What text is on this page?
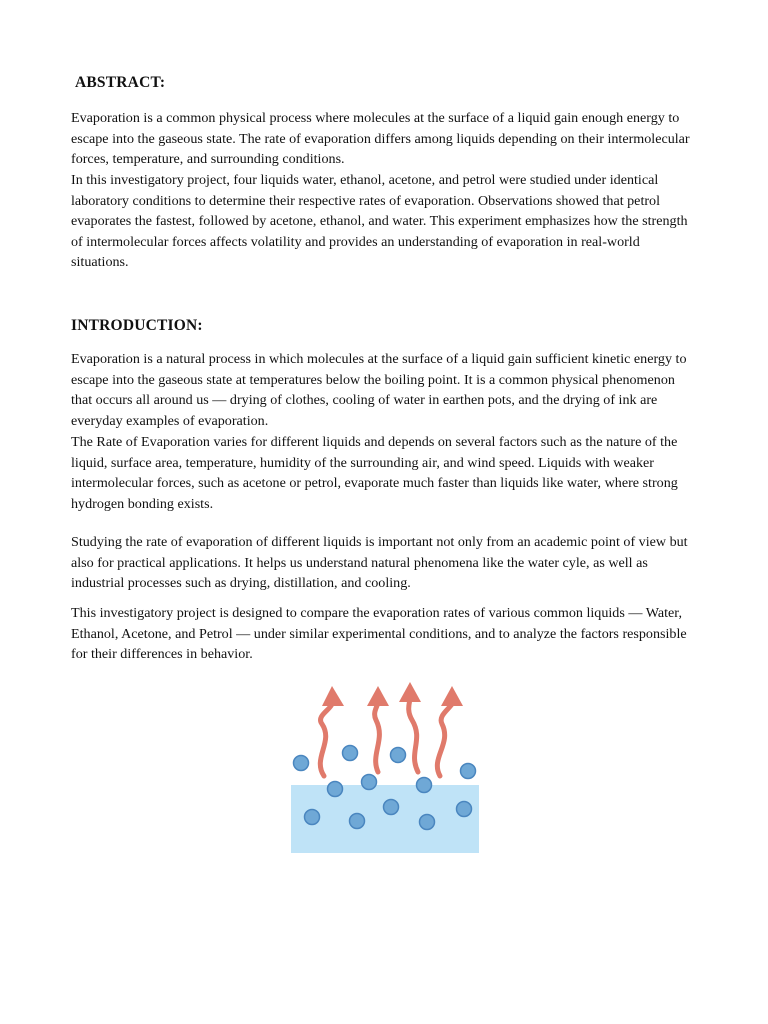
ABSTRACT:

Evaporation is a common physical process where molecules at the surface of a liquid gain enough energy to escape into the gaseous state. The rate of evaporation differs among liquids depending on their intermolecular forces, temperature, and surrounding conditions.

In this investigatory project, four liquids water, ethanol, acetone, and petrol were studied under identical laboratory conditions to determine their respective rates of evaporation. Observations showed that petrol evaporates the fastest, followed by acetone, ethanol, and water. This experiment emphasizes how the strength of intermolecular forces affects volatility and provides an understanding of evaporation in real-world situations.

INTRODUCTION:

Evaporation is a natural process in which molecules at the surface of a liquid gain sufficient kinetic energy to escape into the gaseous state at temperatures below the boiling point. It is a common physical phenomenon that occurs all around us — drying of clothes, cooling of water in earthen pots, and the drying of ink are everyday examples of evaporation.

The Rate of Evaporation varies for different liquids and depends on several factors such as the nature of the liquid, surface area, temperature, humidity of the surrounding air, and wind speed. Liquids with weaker intermolecular forces, such as acetone or petrol, evaporate much faster than liquids like water, where strong hydrogen bonding exists.

Studying the rate of evaporation of different liquids is important not only from an academic point of view but also for practical applications. It helps us understand natural phenomena like the water cyle, as well as industrial processes such as drying, distillation, and cooling.

This investigatory project is designed to compare the evaporation rates of various common liquids — Water, Ethanol, Acetone, and Petrol — under similar experimental conditions, and to analyze the factors responsible for their differences in behavior.
